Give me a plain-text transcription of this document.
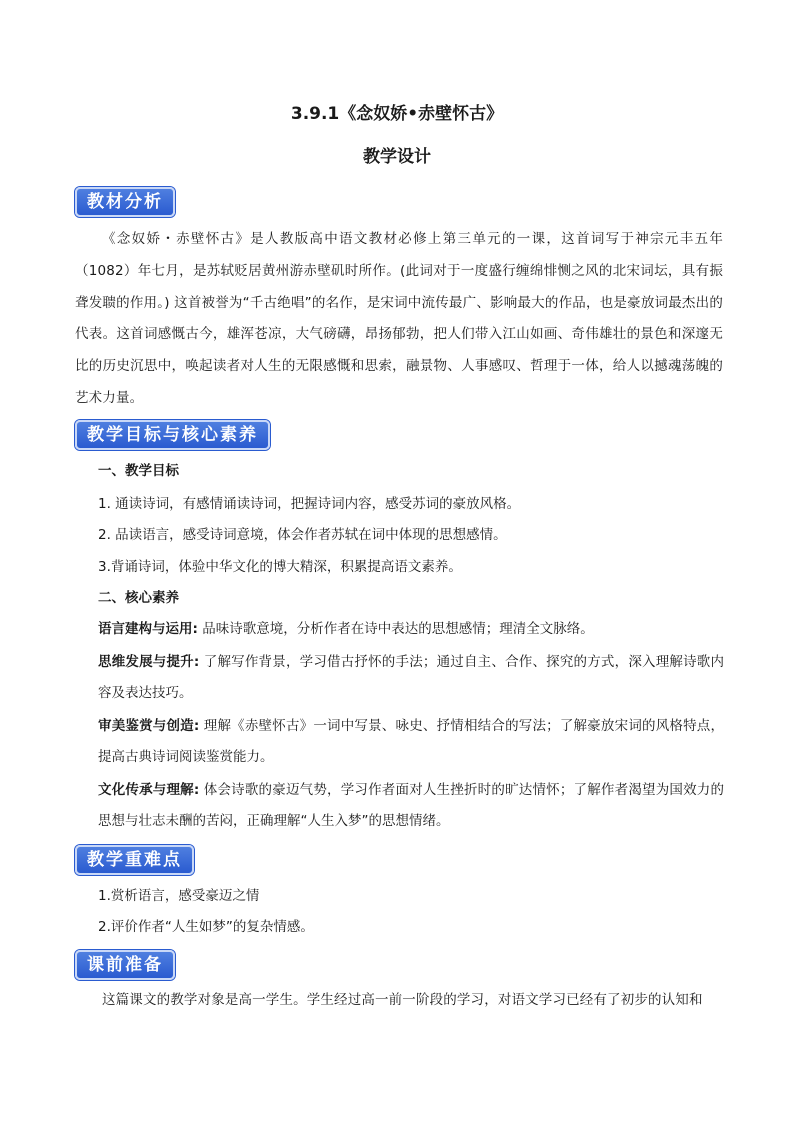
3.9.1《念奴娇•赤壁怀古》
教学设计
教材分析

《念奴娇・赤壁怀古》是人教版高中语文教材必修上第三单元的一课，这首词写于神宗元丰五年（1082）年七月，是苏轼贬居黄州游赤壁矶时所作。(此词对于一度盛行缠绵悱恻之风的北宋词坛，具有振聋发聩的作用。) 这首被誉为“千古绝唱”的名作，是宋词中流传最广、影响最大的作品，也是豪放词最杰出的代表。这首词感慨古今，雄浑苍凉，大气磅礴，昂扬郁勃，把人们带入江山如画、奇伟雄壮的景色和深邃无比的历史沉思中，唤起读者对人生的无限感慨和思索，融景物、人事感叹、哲理于一体，给人以撼魂荡魄的艺术力量。

教学目标与核心素养
一、教学目标
1. 通读诗词，有感情诵读诗词，把握诗词内容，感受苏词的豪放风格。
2. 品读语言，感受诗词意境，体会作者苏轼在词中体现的思想感情。
3.背诵诗词，体验中华文化的博大精深，积累提高语文素养。
二、核心素养

语言建构与运用: 品味诗歌意境，分析作者在诗中表达的思想感情；理清全文脉络。

思维发展与提升: 了解写作背景，学习借古抒怀的手法；通过自主、合作、探究的方式，深入理解诗歌内容及表达技巧。

审美鉴赏与创造: 理解《赤壁怀古》一词中写景、咏史、抒情相结合的写法；了解豪放宋词的风格特点，提高古典诗词阅读鉴赏能力。

文化传承与理解: 体会诗歌的豪迈气势，学习作者面对人生挫折时的旷达情怀；了解作者渴望为国效力的思想与壮志未酬的苦闷，正确理解“人生入梦”的思想情绪。

教学重难点
1.赏析语言，感受豪迈之情
2.评价作者“人生如梦”的复杂情感。
课前准备

这篇课文的教学对象是高一学生。学生经过高一前一阶段的学习，对语文学习已经有了初步的认知和
